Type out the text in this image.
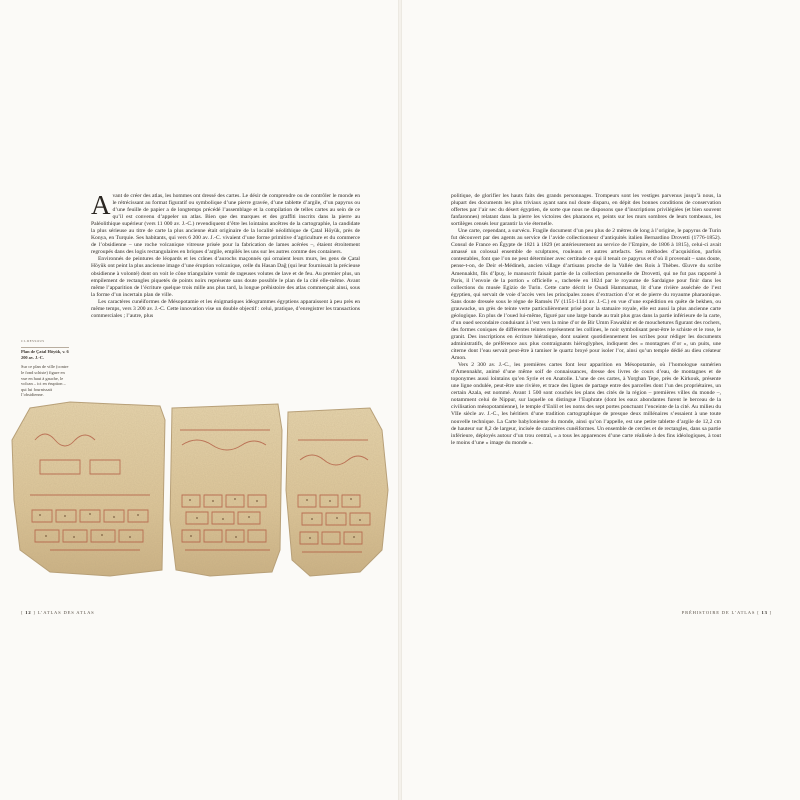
Avant de créer des atlas, les hommes ont dressé des cartes. Le désir de comprendre ou de contrôler le monde en le rétrécissant au format figuratif ou symbolique d’une pierre gravée, d’une tablette d’argile, d’un papyrus ou d’une feuille de papier a de longtemps précédé l’assemblage et la compilation de telles cartes au sein de ce qu’il est convenu d’appeler un atlas. Bien que des marques et des graffiti inscrits dans la pierre au Paléolithique supérieur (vers 11 000 av. J.-C.) revendiquent d’être les lointains ancêtres de la cartographie, la candidate la plus sérieuse au titre de carte la plus ancienne était originaire de la localité néolithique de Çatal Höyük, près de Konya, en Turquie. Ses habitants, qui vers 6 200 av. J.-C. vivaient d’une forme primitive d’agriculture et du commerce de l’obsidienne – une roche volcanique vitreuse prisée pour la fabrication de lames acérées –, étaient étroitement regroupés dans des logis rectangulaires en briques d’argile, empilés les uns sur les autres comme des containers.

Environnés de peintures de léopards et les crânes d’aurochs maçonnés qui ornaient leurs murs, les gens de Çatal Höyük ont peint la plus ancienne image d’une éruption volcanique, celle du Hasan Dağ (qui leur fournissait la précieuse obsidienne à volonté) dont on voit le cône triangulaire vomir de rageuses volutes de lave et de feu. Au premier plus, un empilement de rectangles piquetés de points noirs représente sans doute possible le plan de la cité elle-même. Avant même l’apparition de l’écriture quelque trois mille ans plus tard, la longue préhistoire des atlas commençait ainsi, sous la forme d’un incertain plan de ville.

Les caractères cunéiformes de Mésopotamie et les énigmatiques idéogrammes égyptiens apparaissent à peu près en même temps, vers 3 200 av. J.-C. Cette innovation vise un double objectif : celui, pratique, d’enregistrer les transactions commerciales ; l’autre, plus

CI-DESSOUS
Plan de Çatal Höyük, v. 6 200 av. J.-C.
Sur ce plan de ville (contre le fond schiste) figure en vue en haut à gauche, le volcan – ici en éruption – qui lui fournissait l’obsidienne.
[ 12 ] L’ATLAS DES ATLAS

politique, de glorifier les hauts faits des grands personnages. Trompeurs sont les vestiges parvenus jusqu’à nous, la plupart des documents les plus triviaux ayant sans nul doute disparu, en dépit des bonnes conditions de conservation offertes par l’air sec du désert égyptien, de sorte que nous ne disposons que d’inscriptions privilégiées (et bien souvent fanfaronnes) relatant dans la pierre les victoires des pharaons et, peints sur les murs sombres de leurs tombeaux, les sortilèges censés leur garantir la vie éternelle.

Une carte, cependant, a survécu. Fragile document d’un peu plus de 2 mètres de long à l’origine, le papyrus de Turin fut découvert par des agents au service de l’avide collectionneur d’antiquités italien Bernardino Drovetti (1776-1852). Consul de France en Égypte de 1821 à 1829 (et antérieurement au service de l’Empire, de 1806 à 1815), celui-ci avait amassé un colossal ensemble de sculptures, rouleaux et autres artefacts. Ses méthodes d’acquisition, parfois contestables, font que l’on ne peut déterminer avec certitude ce qui il tenait ce papyrus et d’où il provenait – sans doute, pense-t-on, de Deir el-Médineh, ancien village d’artisans proche de la Vallée des Rois à Thèbes. Œuvre du scribe Amennakht, fils d’Ipuy, le manuscrit faisait partie de la collection personnelle de Drovetti, qui ne fut pas rapporté à Paris, il l’envoie de la portion « officielle », rachetée en 1824 par le royaume de Sardaigne pour finir dans les collections du musée Egizio de Turin. Cette carte décrit le Ouadi Hammamat, lit d’une rivière asséchée de l’est égyptien, qui servait de voie d’accès vers les principales zones d’extraction d’or et de pierre du royaume pharaonique. Sans doute dressée sous le règne de Ramsès IV (1151-1144 av. J.-C.) en vue d’une expédition en quête de bekhen, ou grauwacke, un grès de teinte verte particulièrement prisé pour la statuaire royale, elle est aussi la plus ancienne carte géologique. En plus de l’oued lui-même, figuré par une large bande au trait plus gras dans la partie inférieure de la carte, d’un oued secondaire conduisant à l’est vers la mine d’or de Bir Umm Fawakhir et de mouchetures figurant des rochers, des formes coniques de différentes teintes représentent les collines, le noir symbolisant peut-être le schiste et le rose, le granit. Des inscriptions en écriture hiératique, dont usaient quotidiennement les scribes pour rédiger les documents administratifs, de préférence aux plus contraignants hiéroglyphes, indiquent des « montagnes d’or », un puits, une citerne dont l’eau servait peut-être à tamiser le quartz broyé pour isoler l’or, ainsi qu’un temple dédié au dieu créateur Amon.

Vers 2 300 av. J.-C., les premières cartes font leur apparition en Mésopotamie, où l’homologue sumérien d’Amennakht, animé d’une même soif de connaissances, dresse des livres de cours d’eau, de montagnes et de toponymes aussi lointains qu’en Syrie et en Anatolie. L’une de ces cartes, à Yorghan Tepe, près de Kirkouk, présente une ligne ondulée, peut-être une rivière, et trace des lignes de partage entre des parcelles dont l’un des propriétaires, un certain Azala, est nommé. Avant 1 500 sont couchés les plans des cités de la région – premières villes du monde –, notamment celui de Nippur, sur laquelle on distingue l’Euphrate (dont les eaux abondantes furent le berceau de la civilisation mésopotamienne), le temple d’Enlil et les noms des sept portes ponctuant l’enceinte de la cité. Au milieu du VIIe siècle av. J.-C., les héritiers d’une tradition cartographique de presque deux millénaires s’essaient à une toute nouvelle technique. La Carte babylonienne du monde, ainsi qu’on l’appelle, est une petite tablette d’argile de 12,2 cm de hauteur sur 8,2 de largeur, incisée de caractères cunéiformes. Un ensemble de cercles et de rectangles, dans sa partie inférieure, déployés autour d’un trou central, « a tous les apparences d’une carte réalisée à des fins idéologiques, à tout le moins d’une « image du monde ».

PRÉHISTOIRE DE L’ATLAS [ 13 ]
